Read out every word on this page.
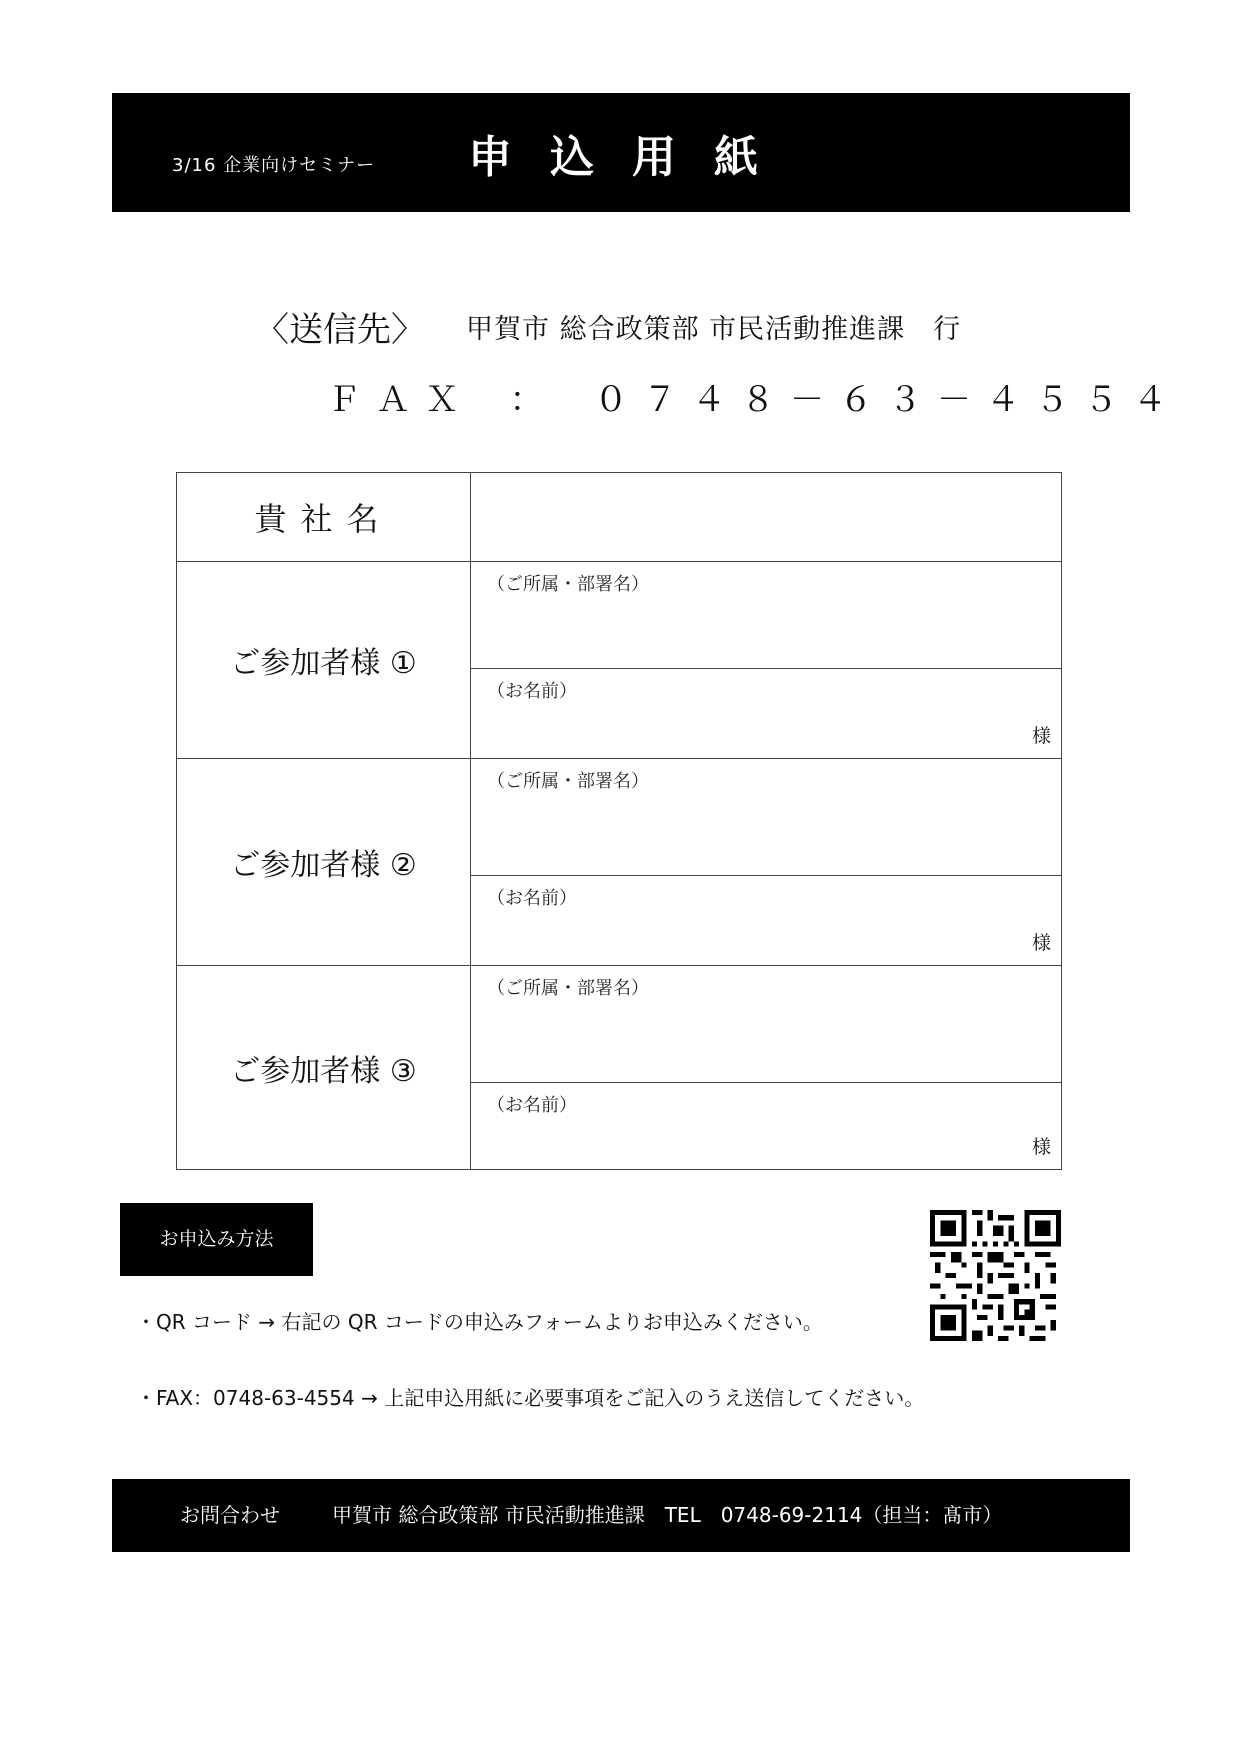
3/16 企業向けセミナー 申込用紙
〈送信先〉 甲賀市 総合政策部 市民活動推進課　行
ＦＡＸ ： ０７４８－６３－４５５４
貴社名	
ご参加者様 ①	（ご所属・部署名）

	（お名前）
様

ご参加者様 ②	（ご所属・部署名）

	（お名前）
様

ご参加者様 ③	（ご所属・部署名）

	（お名前）
様
お申込み方法
・QR コード → 右記の QR コードの申込みフォームよりお申込みください。
・FAX：0748-63-4554 → 上記申込用紙に必要事項をご記入のうえ送信してください。
お問合わせ	甲賀市 総合政策部 市民活動推進課　TEL　0748-69-2114（担当：髙市）
